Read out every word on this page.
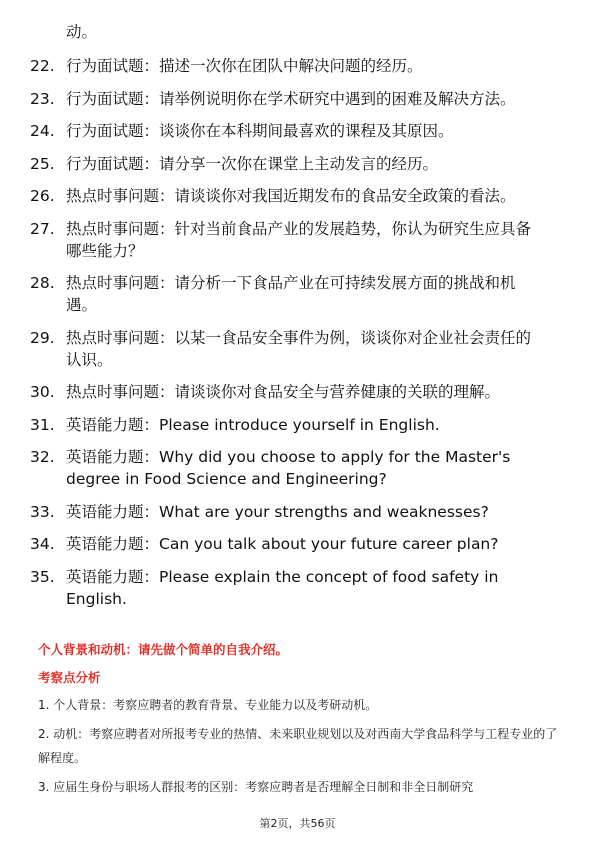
动。

22. 行为面试题：描述一次你在团队中解决问题的经历。
23. 行为面试题：请举例说明你在学术研究中遇到的困难及解决方法。
24. 行为面试题：谈谈你在本科期间最喜欢的课程及其原因。
25. 行为面试题：请分享一次你在课堂上主动发言的经历。
26. 热点时事问题：请谈谈你对我国近期发布的食品安全政策的看法。
27. 热点时事问题：针对当前食品产业的发展趋势，你认为研究生应具备哪些能力？
28. 热点时事问题：请分析一下食品产业在可持续发展方面的挑战和机遇。
29. 热点时事问题：以某一食品安全事件为例，谈谈你对企业社会责任的认识。
30. 热点时事问题：请谈谈你对食品安全与营养健康的关联的理解。
31. 英语能力题：Please introduce yourself in English.
32. 英语能力题：Why did you choose to apply for the Master's degree in Food Science and Engineering?
33. 英语能力题：What are your strengths and weaknesses?
34. 英语能力题：Can you talk about your future career plan?
35. 英语能力题：Please explain the concept of food safety in English.

个人背景和动机：请先做个简单的自我介绍。

考察点分析

1. 个人背景：考察应聘者的教育背景、专业能力以及考研动机。
2. 动机：考察应聘者对所报考专业的热情、未来职业规划以及对西南大学食品科学与工程专业的了解程度。
3. 应届生身份与职场人群报考的区别：考察应聘者是否理解全日制和非全日制研究
第2页，共56页
